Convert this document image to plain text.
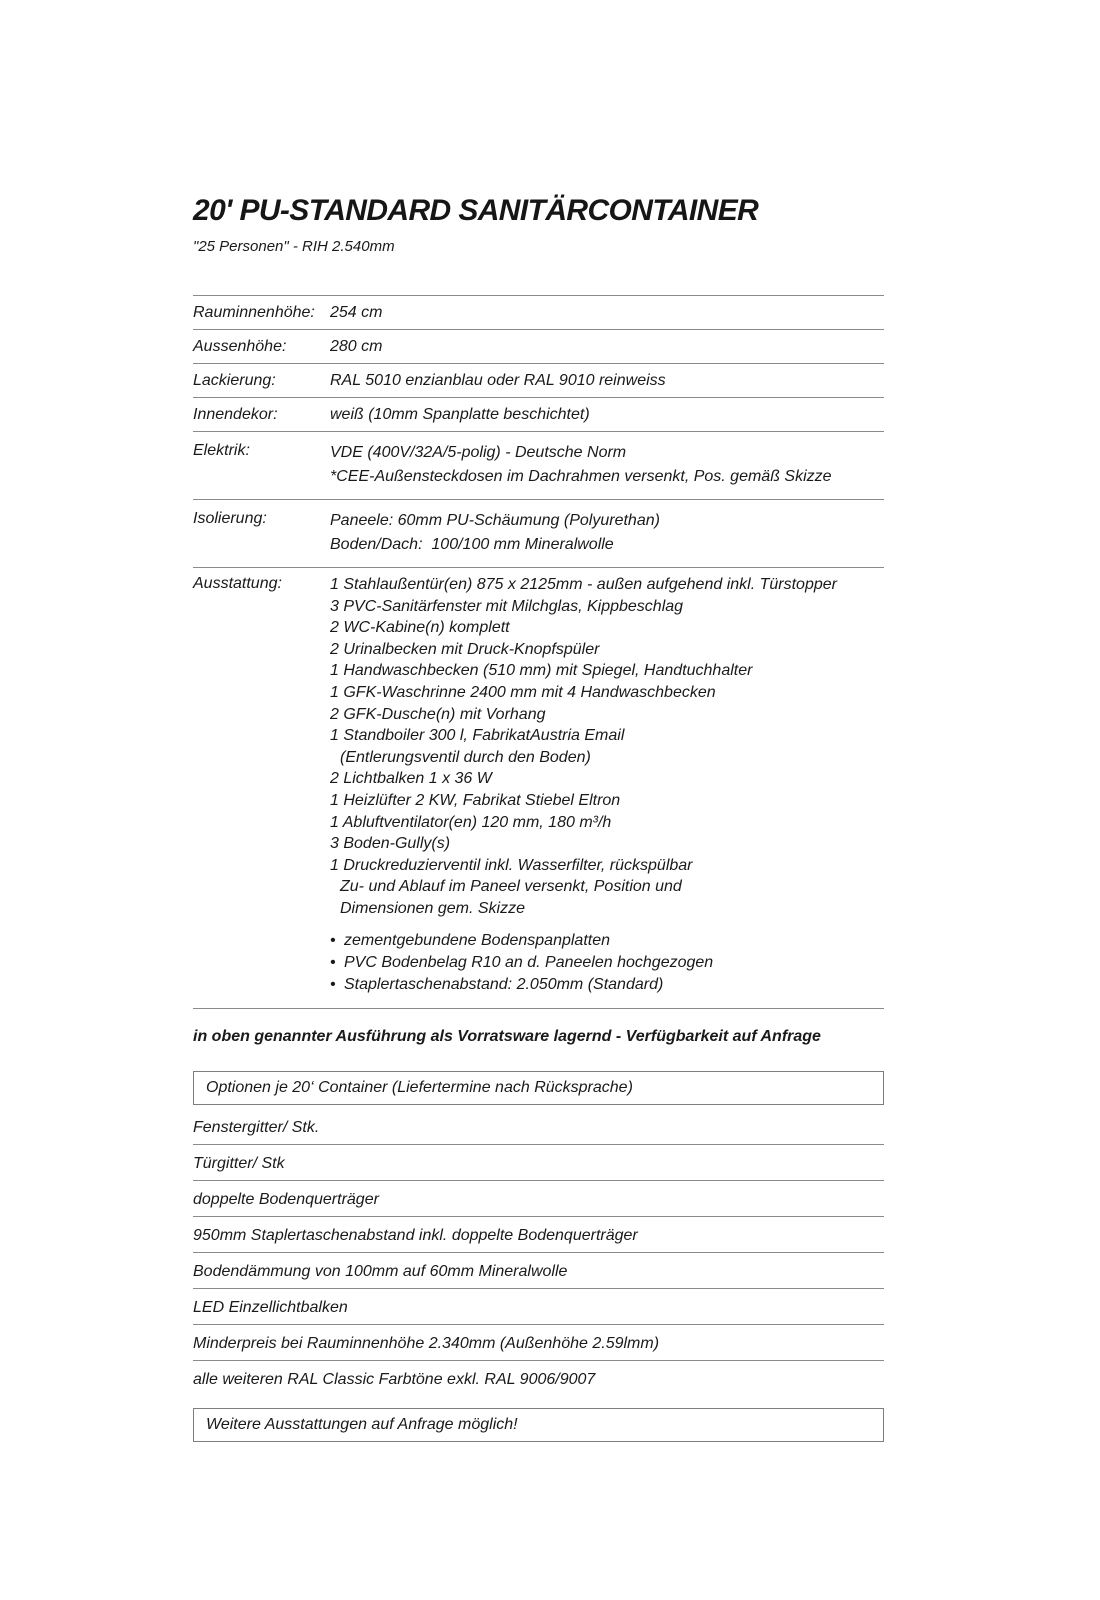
20' PU-STANDARD SANITÄRCONTAINER
"25 Personen" - RIH 2.540mm
Rauminnenhöhe: 254 cm
Aussenhöhe:	280 cm
Lackierung:	RAL 5010 enzianblau oder RAL 9010 reinweiss
Innendekor:	weiß (10mm Spanplatte beschichtet)
Elektrik:	VDE (400V/32A/5-polig) - Deutsche Norm
*CEE-Außensteckdosen im Dachrahmen versenkt, Pos. gemäß Skizze
Isolierung:	Paneele: 60mm PU-Schäumung (Polyurethan)
Boden/Dach:  100/100 mm Mineralwolle
Ausstattung:	1 Stahlaußentür(en) 875 x 2125mm - außen aufgehend inkl. Türstopper
3 PVC-Sanitärfenster mit Milchglas, Kippbeschlag
2 WC-Kabine(n) komplett
2 Urinalbecken mit Druck-Knopfspüler
1 Handwaschbecken (510 mm) mit Spiegel, Handtuchhalter
1 GFK-Waschrinne 2400 mm mit 4 Handwaschbecken
2 GFK-Dusche(n) mit Vorhang
1 Standboiler 300 l, FabrikatAustria Email
(Entlerungsventil durch den Boden)
2 Lichtbalken 1 x 36 W
1 Heizlüfter 2 KW, Fabrikat Stiebel Eltron
1 Abluftventilator(en) 120 mm, 180 m³/h
3 Boden-Gully(s)
1 Druckreduzierventil inkl. Wasserfilter, rückspülbar
Zu- und Ablauf im Paneel versenkt, Position und
Dimensionen gem. Skizze
• zementgebundene Bodenspanplatten
• PVC Bodenbelag R10 an d. Paneelen hochgezogen
• Staplertaschenabstand: 2.050mm (Standard)
in oben genannter Ausführung als Vorratsware lagernd - Verfügbarkeit auf Anfrage
Optionen je 20‘ Container (Liefertermine nach Rücksprache)
Fenstergitter/ Stk.
Türgitter/ Stk
doppelte Bodenquerträger
950mm Staplertaschenabstand inkl. doppelte Bodenquerträger
Bodendämmung von 100mm auf 60mm Mineralwolle
LED Einzellichtbalken
Minderpreis bei Rauminnenhöhe 2.340mm (Außenhöhe 2.59lmm)
alle weiteren RAL Classic Farbtöne exkl. RAL 9006/9007
Weitere Ausstattungen auf Anfrage möglich!
